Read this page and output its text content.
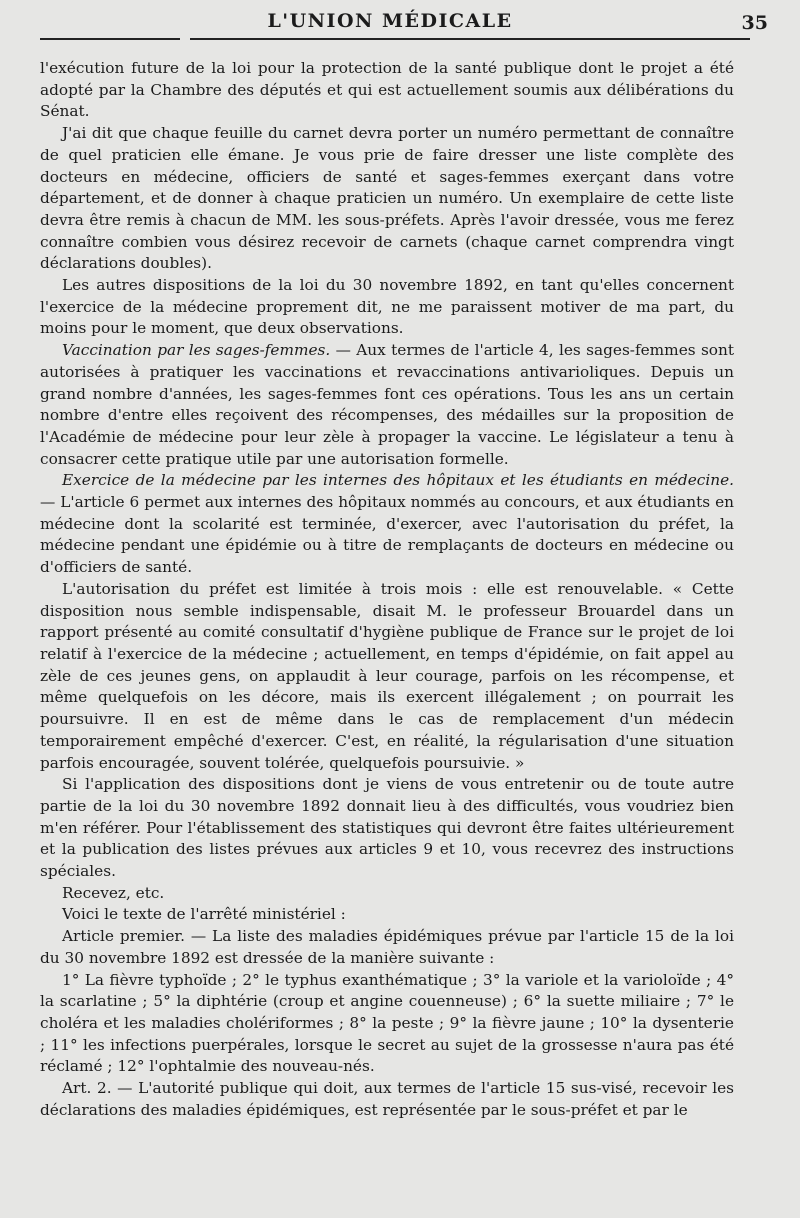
L'UNION MÉDICALE	35

l'exécution future de la loi pour la protection de la santé publique dont le projet a été adopté par la Chambre des députés et qui est actuellement soumis aux délibérations du Sénat.

J'ai dit que chaque feuille du carnet devra porter un numéro permettant de connaître de quel praticien elle émane. Je vous prie de faire dresser une liste complète des docteurs en médecine, officiers de santé et sages-femmes exerçant dans votre département, et de donner à chaque praticien un numéro. Un exemplaire de cette liste devra être remis à chacun de MM. les sous-préfets. Après l'avoir dressée, vous me ferez connaître combien vous désirez recevoir de carnets (chaque carnet comprendra vingt déclarations doubles).

Les autres dispositions de la loi du 30 novembre 1892, en tant qu'elles concernent l'exercice de la médecine proprement dit, ne me paraissent motiver de ma part, du moins pour le moment, que deux observations.

Vaccination par les sages-femmes. — Aux termes de l'article 4, les sages-femmes sont autorisées à pratiquer les vaccinations et revaccinations antivarioliques. Depuis un grand nombre d'années, les sages-femmes font ces opérations. Tous les ans un certain nombre d'entre elles reçoivent des récompenses, des médailles sur la proposition de l'Académie de médecine pour leur zèle à propager la vaccine. Le législateur a tenu à consacrer cette pratique utile par une autorisation formelle.

Exercice de la médecine par les internes des hôpitaux et les étudiants en médecine. — L'article 6 permet aux internes des hôpitaux nommés au concours, et aux étudiants en médecine dont la scolarité est terminée, d'exercer, avec l'autorisation du préfet, la médecine pendant une épidémie ou à titre de remplaçants de docteurs en médecine ou d'officiers de santé.

L'autorisation du préfet est limitée à trois mois : elle est renouvelable. « Cette disposition nous semble indispensable, disait M. le professeur Brouardel dans un rapport présenté au comité consultatif d'hygiène publique de France sur le projet de loi relatif à l'exercice de la médecine ; actuellement, en temps d'épidémie, on fait appel au zèle de ces jeunes gens, on applaudit à leur courage, parfois on les récompense, et même quelquefois on les décore, mais ils exercent illégalement ; on pourrait les poursuivre. Il en est de même dans le cas de remplacement d'un médecin temporairement empêché d'exercer. C'est, en réalité, la régularisation d'une situation parfois encouragée, souvent tolérée, quelquefois poursuivie. »

Si l'application des dispositions dont je viens de vous entretenir ou de toute autre partie de la loi du 30 novembre 1892 donnait lieu à des difficultés, vous voudriez bien m'en référer. Pour l'établissement des statistiques qui devront être faites ultérieurement et la publication des listes prévues aux articles 9 et 10, vous recevrez des instructions spéciales.

Recevez, etc.

Voici le texte de l'arrêté ministériel :

Article premier. — La liste des maladies épidémiques prévue par l'article 15 de la loi du 30 novembre 1892 est dressée de la manière suivante :

1° La fièvre typhoïde ; 2° le typhus exanthématique ; 3° la variole et la varioloïde ; 4° la scarlatine ; 5° la diphtérie (croup et angine couenneuse) ; 6° la suette miliaire ; 7° le choléra et les maladies cholériformes ; 8° la peste ; 9° la fièvre jaune ; 10° la dysenterie ; 11° les infections puerpérales, lorsque le secret au sujet de la grossesse n'aura pas été réclamé ; 12° l'ophtalmie des nouveau-nés.

Art. 2. — L'autorité publique qui doit, aux termes de l'article 15 sus-visé, recevoir les déclarations des maladies épidémiques, est représentée par le sous-préfet et par le
